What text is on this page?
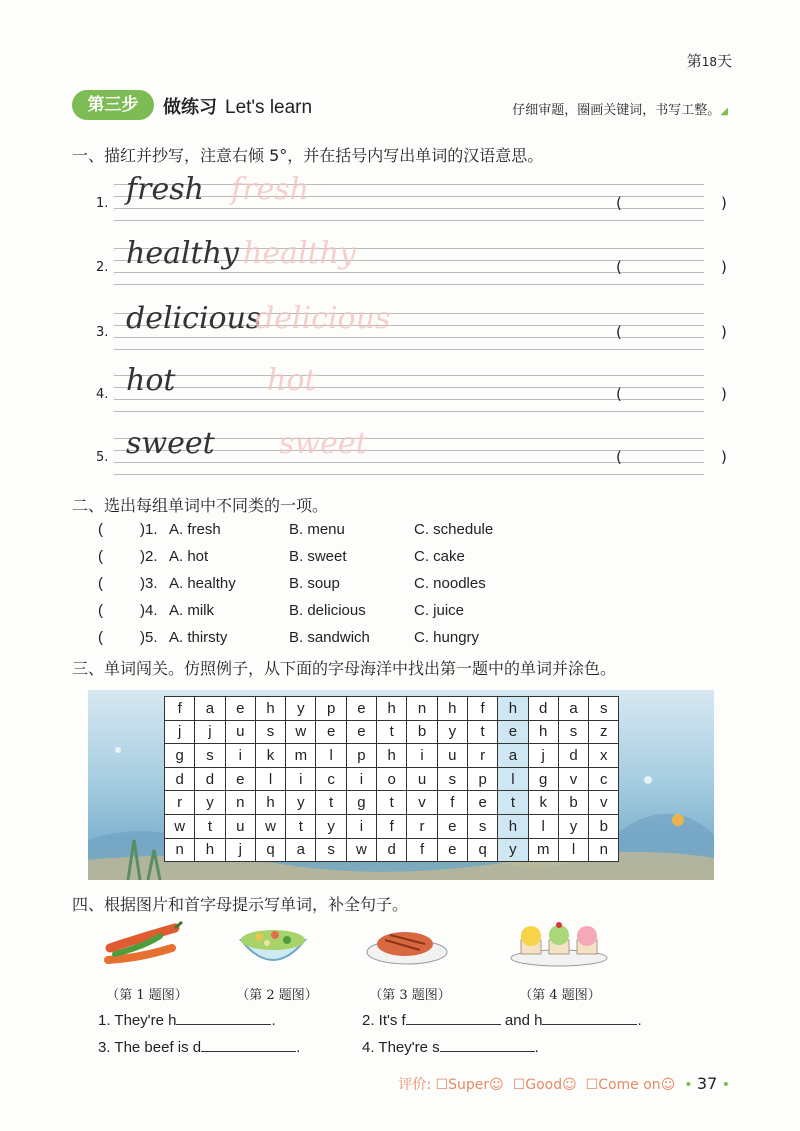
第18天
第三步	做练习 Let's learn	仔细审题，圈画关键词，书写工整。◢
一、描红并抄写，注意右倾 5°，并在括号内写出单词的汉语意思。
1. fresh fresh	(	)
2. healthy healthy	(	)
3. delicious
delicious	(	)
4. hot	hot	(	)
5. sweet sweet	(	)
二、选出每组单词中不同类的一项。
( )1. A. fresh	B. menu	C. schedule
( )2. A. hot	B. sweet	C. cake
( )3. A. healthy	B. soup	C. noodles
( )4. A. milk	B. delicious	C. juice
( )5. A. thirsty	B. sandwich	C. hungry
三、单词闯关。仿照例子，从下面的字母海洋中找出第一题中的单词并涂色。
f	a	e	h	y	p	e	h	n	h	f	h	d	a	s
j	j	u	s	w	e	e	t	b	y	t	e	h	s	z
g	s	i	k	m	l	p	h	i	u	r	a	j	d	x
d	d	e	l	i	c	i	o	u	s	p	l	g	v	c
r	y	n	h	y	t	g	t	v	f	e	t	k	b	v
w	t	u	w	t	y	i	f	r	e	s	h	l	y	b
n	h	j	q	a	s	w	d	f	e	q	y	m	l	n
四、根据图片和首字母提示写单词，补全句子。
（第 1 题图）	（第 2 题图）	（第 3 题图）	（第 4 题图）
1. They're h	.	2. It's f	and h	.
3. The beef is d	.	4. They're s	.
评价: ☐Super☺ ☐Good☺ ☐Come on☺ • 37 •
